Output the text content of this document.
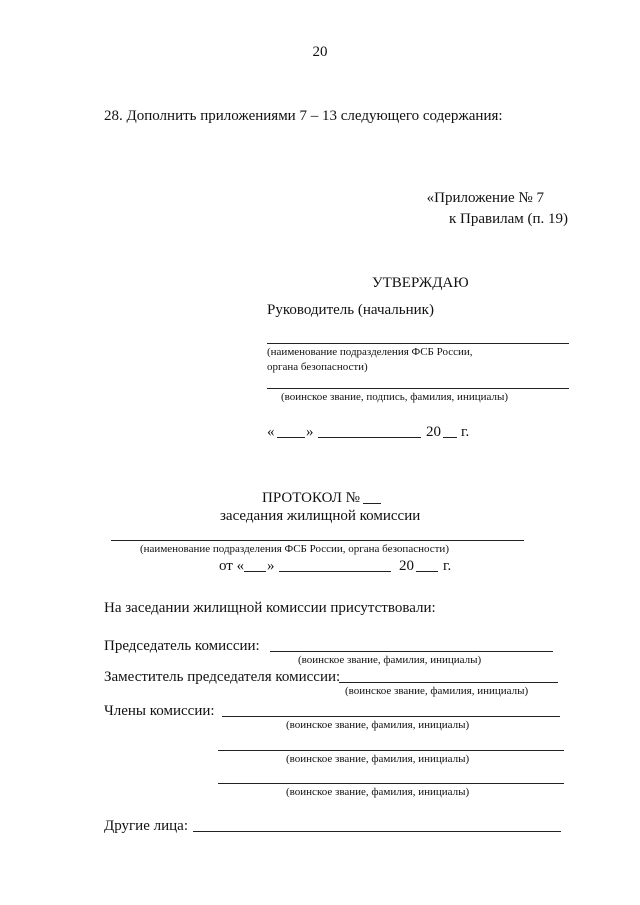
20
28. Дополнить приложениями 7 – 13 следующего содержания:
«Приложение № 7
к Правилам (п. 19)
УТВЕРЖДАЮ
Руководитель (начальник)
(наименование подразделения ФСБ России,
органа безопасности)
(воинское звание, подпись, фамилия, инициалы)
« »	20 г.
ПРОТОКОЛ №
заседания жилищной комиссии
(наименование подразделения ФСБ России, органа безопасности)
от « »	20 г.
На заседании жилищной комиссии присутствовали:
Председатель комиссии:
(воинское звание, фамилия, инициалы)
Заместитель председателя комиссии:
(воинское звание, фамилия, инициалы)
Члены комиссии:
(воинское звание, фамилия, инициалы)
(воинское звание, фамилия, инициалы)
(воинское звание, фамилия, инициалы)
Другие лица:
